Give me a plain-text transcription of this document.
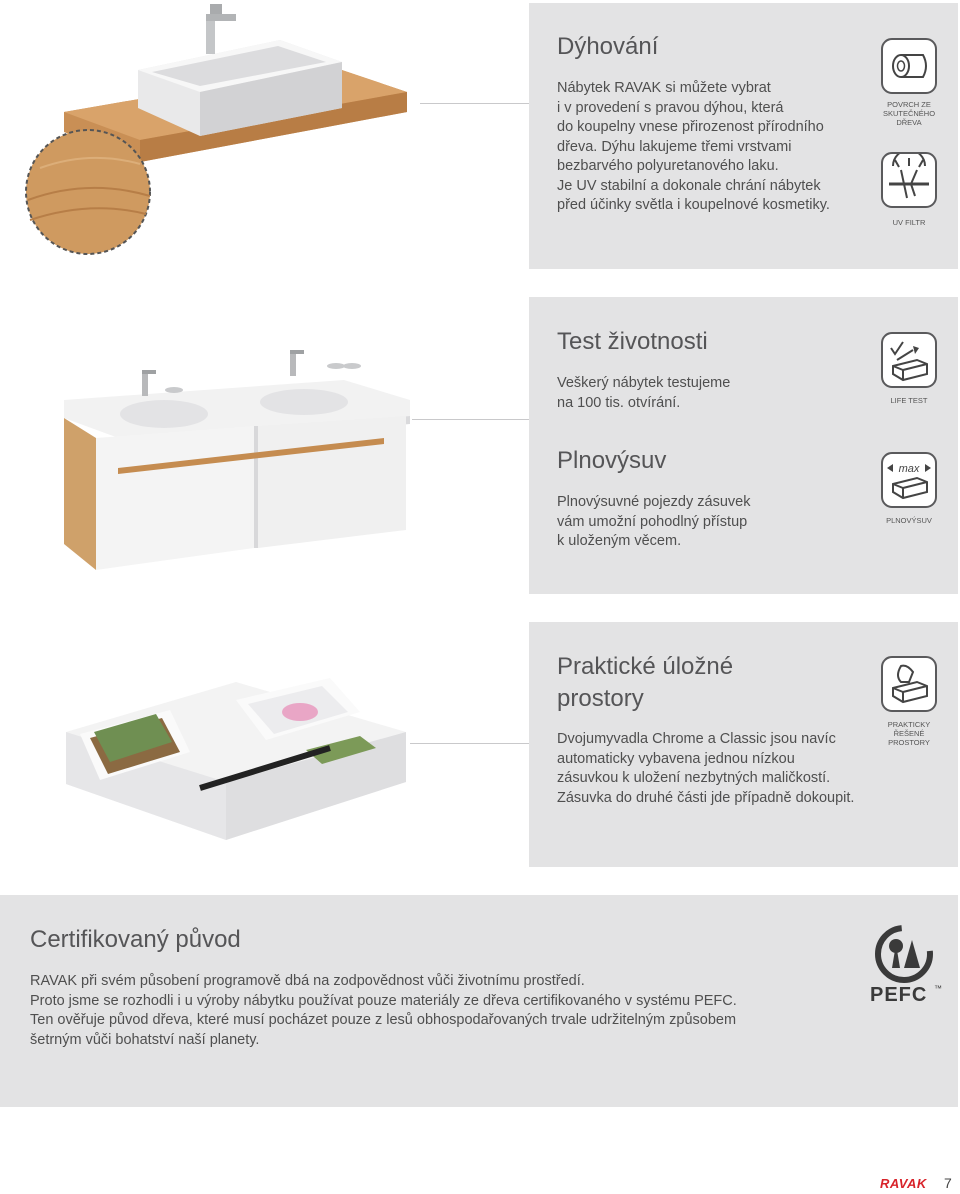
Dýhování

Nábytek RAVAK si můžete vybrat
i v provedení s pravou dýhou, která
do koupelny vnese přirozenost přírodního
dřeva. Dýhu lakujeme třemi vrstvami
bezbarvého polyuretanového laku.
Je UV stabilní a dokonale chrání nábytek
před účinky světla i koupelnové kosmetiky.

POVRCH ZE
SKUTEČNÉHO
DŘEVA
UV FILTR
Test životnosti

Veškerý nábytek testujeme
na 100 tis. otvírání.	LIFE TEST
Plnovýsuv

Plnovýsuvné pojezdy zásuvek
vám umožní pohodlný přístup
k uloženým věcem.

max
PLNOVÝSUV
Praktické úložné
prostory

Dvojumyvadla Chrome a Classic jsou navíc
automaticky vybavena jednou nízkou
zásuvkou k uložení nezbytných maličkostí.
Zásuvka do druhé části jde případně dokoupit.

PRAKTICKY
ŘEŠENÉ
PROSTORY
Certifikovaný původ

RAVAK při svém působení programově dbá na zodpovědnost vůči životnímu prostředí.
Proto jsme se rozhodli i u výroby nábytku používat pouze materiály ze dřeva certifikovaného v systému PEFC.
Ten ověřuje původ dřeva, které musí pocházet pouze z lesů obhospodařovaných trvale udržitelným způsobem
šetrným vůči bohatství naší planety.

PEFC ™
RAVAK 7
